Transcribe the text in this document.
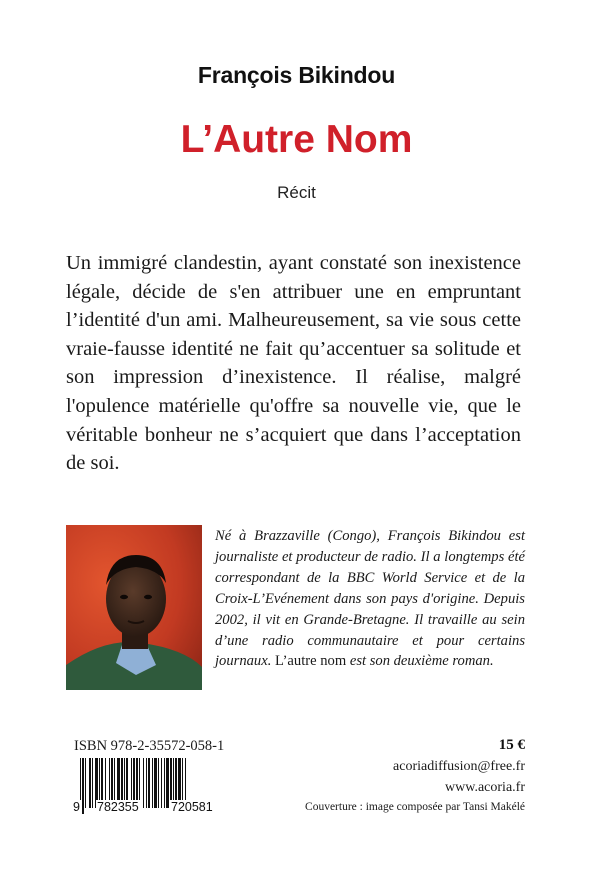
François Bikindou
L’Autre Nom
Récit

Un immigré clandestin, ayant constaté son inexistence légale, décide de s'en attribuer une en empruntant l’identité d'un ami. Malheureusement, sa vie sous cette vraie-fausse identité ne fait qu’accentuer sa solitude et son impression d’inexistence. Il réalise, malgré l'opulence matérielle qu'offre sa nouvelle vie, que le véritable bonheur ne s’acquiert que dans l’acceptation de soi.

Né à Brazzaville (Congo), François Bikindou est journaliste et producteur de radio. Il a longtemps été correspondant de la BBC World Service et de la Croix-L’Evénement dans son pays d'origine. Depuis 2002, il vit en Grande-Bretagne. Il travaille au sein d’une radio communautaire et pour certains journaux. L’autre nom est son deuxième roman.

ISBN 978-2-35572-058-1
9 782355	720581
15 €
acoriadiffusion@free.fr
www.acoria.fr
Couverture : image composée par Tansi Makélé
